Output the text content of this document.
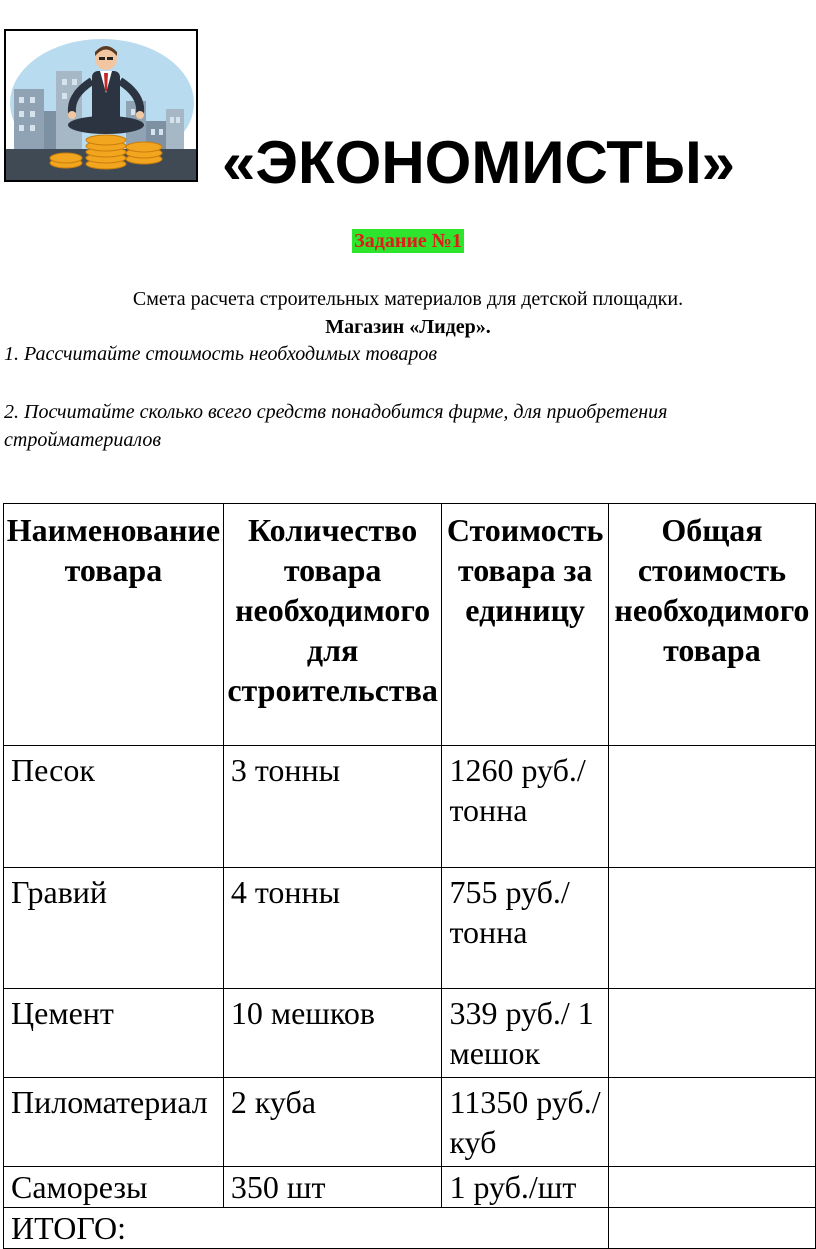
«ЭКОНОМИСТЫ»
Задание №1
Смета расчета строительных материалов для детской площадки.
Магазин «Лидер».
1. Рассчитайте стоимость необходимых товаров
2. Посчитайте сколько всего средств понадобится фирме, для приобретения стройматериалов
Наименование товара	Количество товара необходимого для строительства	Стоимость товара за единицу	Общая стоимость необходимого товара
Песок	3 тонны	1260 руб./тонна	
Гравий	4 тонны	755 руб./тонна	
Цемент	10 мешков	339 руб./ 1 мешок	
Пиломатериал	2 куба	11350 руб./куб	
Саморезы	350 шт	1 руб./шт	
ИТОГО:			
